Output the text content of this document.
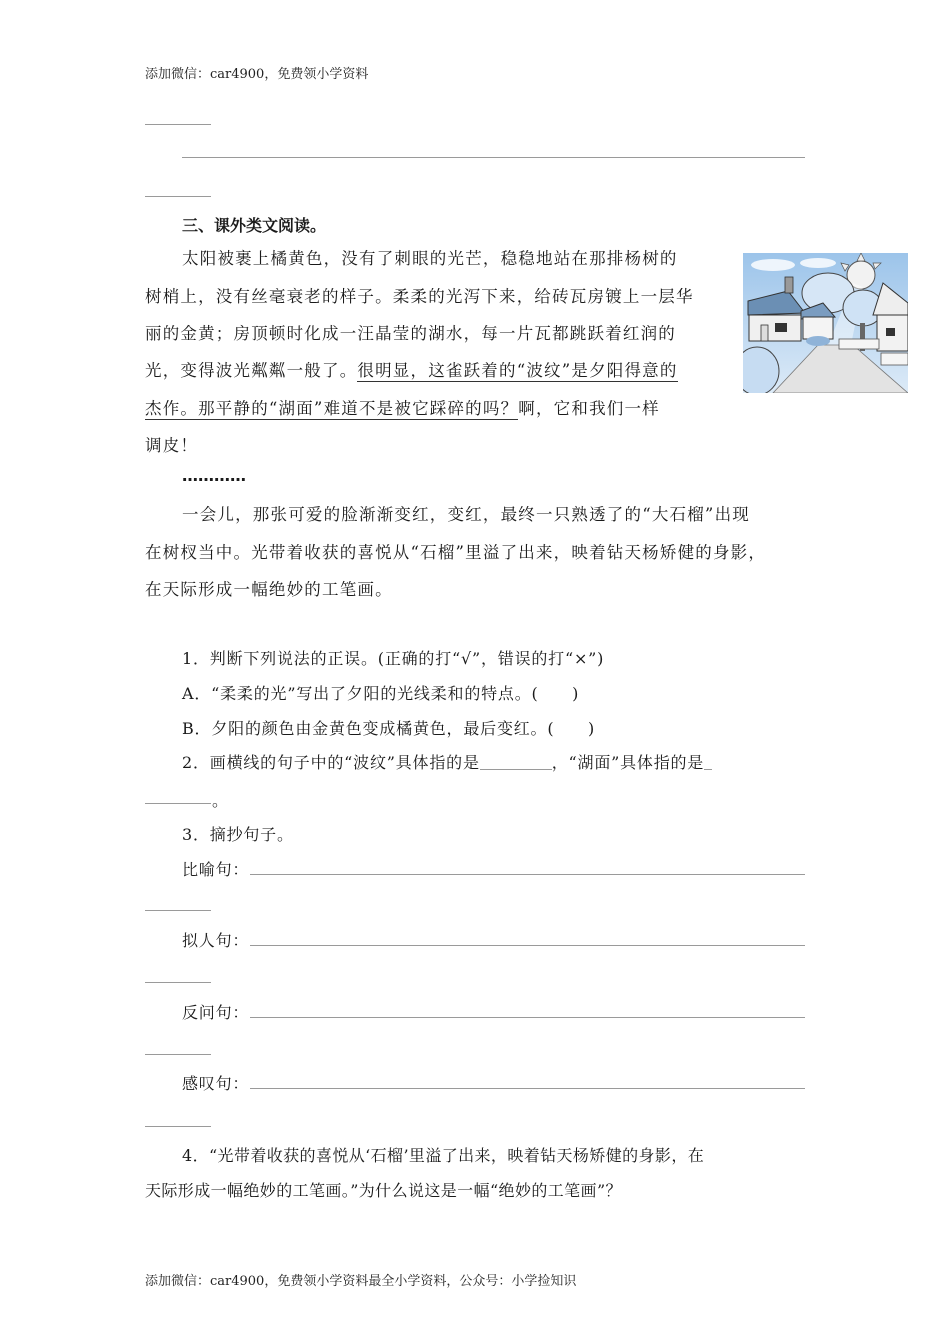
添加微信：car4900，免费领小学资料
三、课外类文阅读。
太阳被裹上橘黄色，没有了刺眼的光芒，稳稳地站在那排杨树的
树梢上，没有丝毫衰老的样子。柔柔的光泻下来，给砖瓦房镀上一层华
丽的金黄；房顶顿时化成一汪晶莹的湖水，每一片瓦都跳跃着红润的
光，变得波光粼粼一般了。很明显，这雀跃着的“波纹”是夕阳得意的
杰作。那平静的“湖面”难道不是被它踩碎的吗？啊，它和我们一样
调皮！
…………
一会儿，那张可爱的脸渐渐变红，变红，最终一只熟透了的“大石榴”出现
在树杈当中。光带着收获的喜悦从“石榴”里溢了出来，映着钻天杨矫健的身影，
在天际形成一幅绝妙的工笔画。
1．判断下列说法的正误。(正确的打“√”，错误的打“×”)
A．“柔柔的光”写出了夕阳的光线柔和的特点。(　　)
B．夕阳的颜色由金黄色变成橘黄色，最后变红。(　　)
2．画横线的句子中的“波纹”具体指的是	，“湖面”具体指的是
。
3．摘抄句子。
比喻句：
拟人句：
反问句：
感叹句：
4．“光带着收获的喜悦从‘石榴’里溢了出来，映着钻天杨矫健的身影，在
天际形成一幅绝妙的工笔画。”为什么说这是一幅“绝妙的工笔画”？
添加微信：car4900，免费领小学资料最全小学资料，公众号：小学捡知识
